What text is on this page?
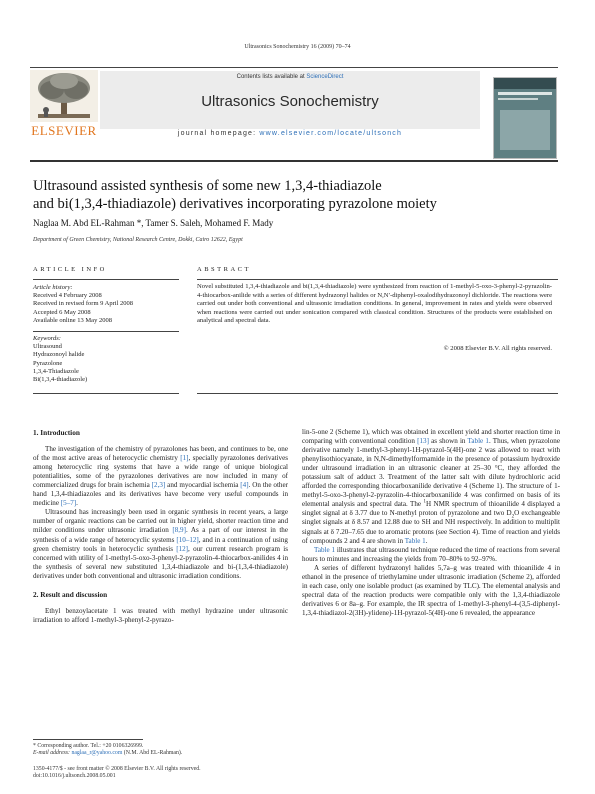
Ultrasonics Sonochemistry 16 (2009) 70–74
ELSEVIER
Contents lists available at ScienceDirect
Ultrasonics Sonochemistry
journal homepage: www.elsevier.com/locate/ultsonch
Ultrasound assisted synthesis of some new 1,3,4-thiadiazole
and bi(1,3,4-thiadiazole) derivatives incorporating pyrazolone moiety
Naglaa M. Abd EL-Rahman *, Tamer S. Saleh, Mohamed F. Mady
Department of Green Chemistry, National Research Centre, Dokki, Cairo 12622, Egypt
ARTICLE INFO	ABSTRACT
Article history:
Received 4 February 2008
Received in revised form 9 April 2008
Accepted 6 May 2008
Available online 13 May 2008
Keywords:
Ultrasound
Hydrazonoyl halide
Pyrazolone
1,3,4-Thiadiazole
Bi(1,3,4-thiadiazole)
Novel substituted 1,3,4-thiadiazole and bi(1,3,4-thiadiazole) were synthesized from reaction of 1-methyl-5-oxo-3-phenyl-2-pyrazolin-4-thiocarbox-anilide with a series of different hydrazonyl halides or N,N′-diphenyl-oxalodihydrazonoyl dichloride. The reactions were carried out under both conventional and ultrasonic irradiation conditions. In general, improvement in rates and yields were observed when reactions were carried out under sonication compared with classical condition. Structures of the products were established on analytical and spectral data.
© 2008 Elsevier B.V. All rights reserved.

1. Introduction

The investigation of the chemistry of pyrazolones has been, and continues to be, one of the most active areas of heterocyclic chemistry [1], specially pyrazolones derivatives among heterocyclic ring systems that have a wide range of unique biological potentialities, some of the pyrazolones derivatives are now included in many of commercialized drugs for brain ischemia [2,3] and myocardial ischemia [4]. On the other hand 1,3,4-thiadiazoles and its derivatives have become very useful compounds in medicine [5–7].

Ultrasound has increasingly been used in organic synthesis in recent years, a large number of organic reactions can be carried out in higher yield, shorter reaction time and milder conditions under ultrasonic irradiation [8,9]. As a part of our interest in the synthesis of a wide range of heterocyclic systems [10–12], and in a continuation of using green chemistry tools in heterocyclic synthesis [12], our current research program is concerned with utility of 1-methyl-5-oxo-3-phenyl-2-pyrazolin-4-thiocarbox-anilides 4 in the synthesis of several new substituted 1,3,4-thiadiazole and bi-(1,3,4-thiadiazole) derivatives under both conventional and ultrasonic irradiation conditions.

2. Result and discussion

Ethyl benzoylacetate 1 was treated with methyl hydrazine under ultrasonic irradiation to afford 1-methyl-3-phenyl-2-pyrazo-

lin-5-one 2 (Scheme 1), which was obtained in excellent yield and shorter reaction time in comparing with conventional condition [13] as shown in Table 1. Thus, when pyrazolone derivative namely 1-methyl-3-phenyl-1H-pyrazol-5(4H)-one 2 was allowed to react with phenylisothiocyanate, in N,N-dimethylformamide in the presence of potassium hydroxide under ultrasound irradiation in an ultrasonic cleaner at 25–30 °C, they afforded the potassium salt of adduct 3. Treatment of the latter salt with dilute hydrochloric acid afforded the corresponding thiocarboxanilide derivative 4 (Scheme 1). The structure of 1-methyl-5-oxo-3-phenyl-2-pyrazolin-4-thiocarboxanilide 4 was confirmed on basis of its elemental analysis and spectral data. The $^1$H NMR spectrum of thioanilide 4 displayed a singlet signal at δ 3.77 due to N-methyl proton of pyrazolone and two $D_2O$ exchangeable singlet signals at δ 8.57 and 12.88 due to SH and NH respectively. In addition to multiplit signals at δ 7.20–7.65 due to aromatic protons (see Section 4). Time of reaction and yields of compounds 2 and 4 are shown in Table 1.

Table 1 illustrates that ultrasound technique reduced the time of reactions from several hours to minutes and increasing the yields from 70–80% to 92–97%.

A series of different hydrazonyl halides 5,7a–g was treated with thioanilide 4 in ethanol in the presence of triethylamine under ultrasonic irradiation (Scheme 2), afforded in each case, only one isolable product (as examined by TLC). The elemental analysis and spectral data of the reaction products were compatible only with the 1,3,4-thiadiazole derivatives 6 or 8a–g. For example, the IR spectra of 1-methyl-3-phenyl-4-(3,5-diphenyl-1,3,4-thiadiazol-2(3H)-ylidene)-1H-pyrazol-5(4H)-one 6 revealed, the appearance

* Corresponding author. Tel.: +20 0106326999.
E-mail address: naglaa_r@yahoo.com (N.M. Abd EL-Rahman).
1350-4177/$ - see front matter © 2008 Elsevier B.V. All rights reserved.
doi:10.1016/j.ultsonch.2008.05.001
